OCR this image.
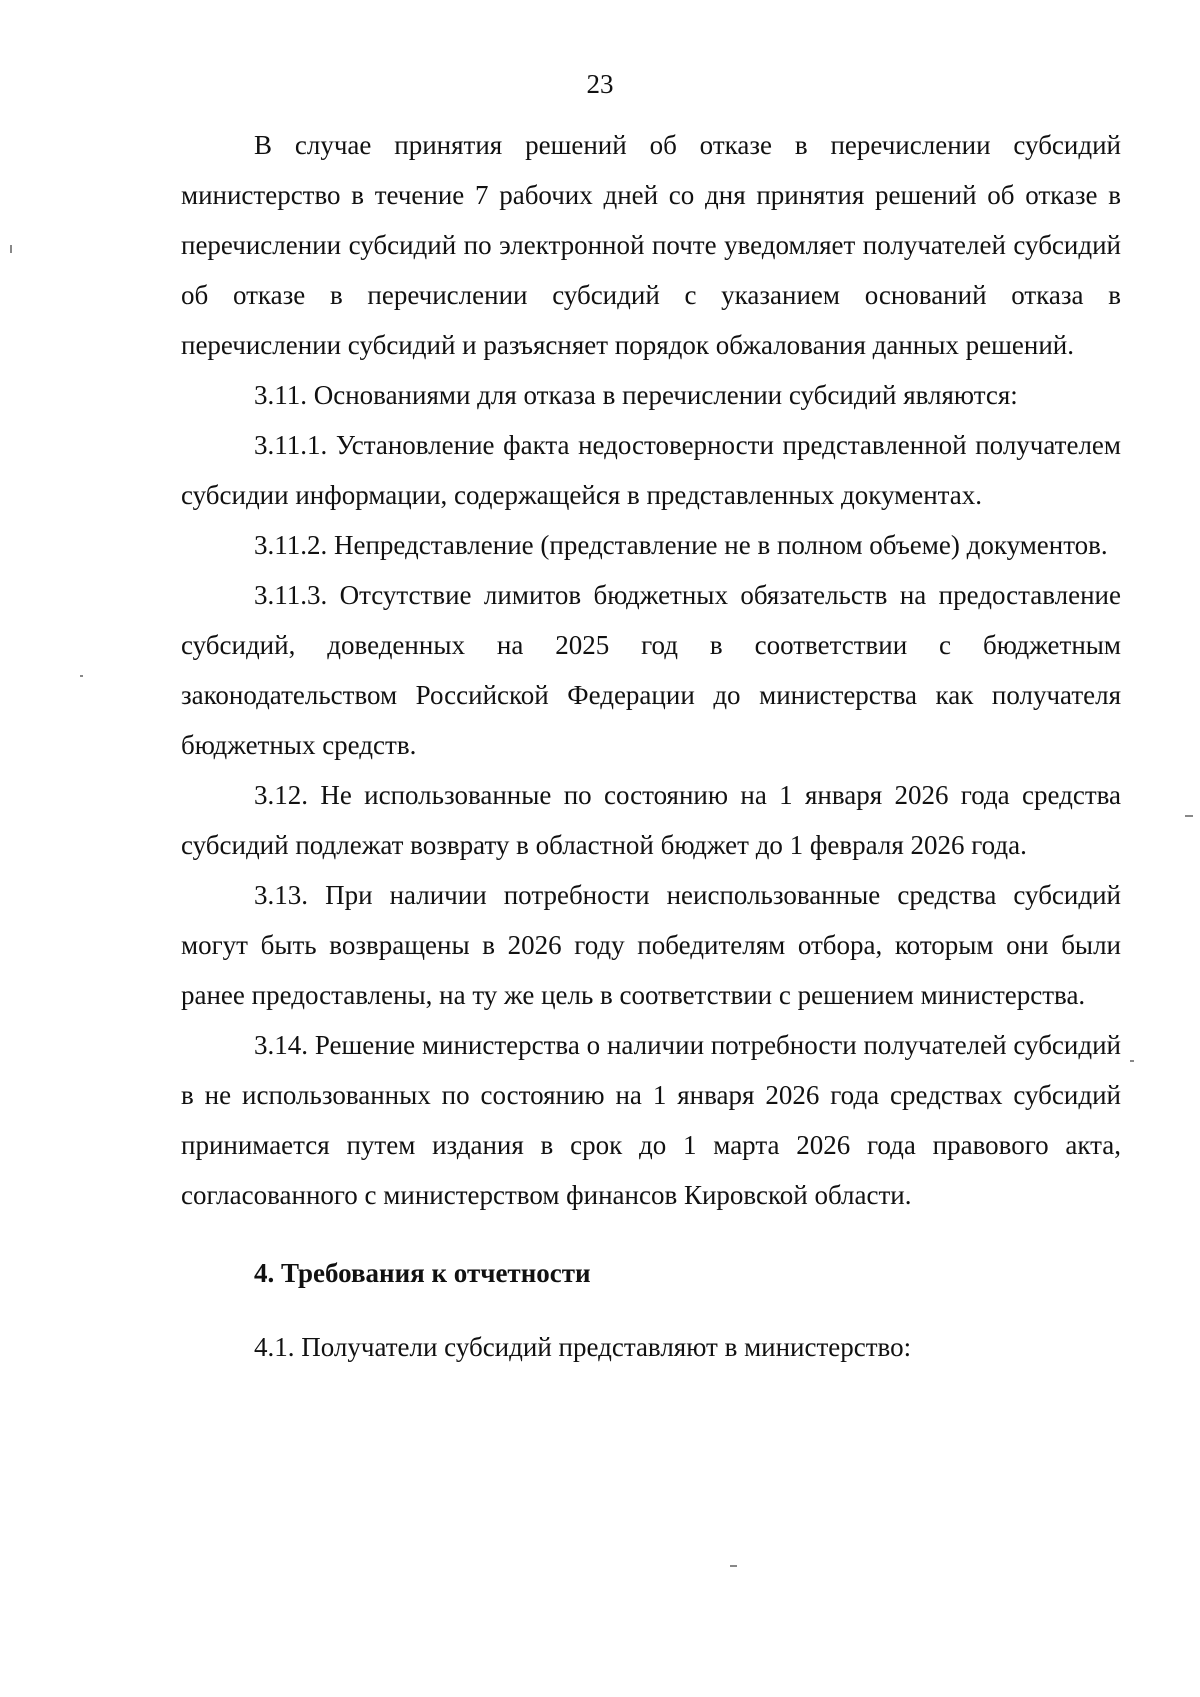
23

В случае принятия решений об отказе в перечислении субсидий министерство в течение 7 рабочих дней со дня принятия решений об отказе в перечислении субсидий по электронной почте уведомляет получателей субсидий об отказе в перечислении субсидий с указанием оснований отказа в перечислении субсидий и разъясняет порядок обжалования данных решений.

3.11. Основаниями для отказа в перечислении субсидий являются:

3.11.1. Установление факта недостоверности представленной получателем субсидии информации, содержащейся в представленных документах.

3.11.2. Непредставление (представление не в полном объеме) документов.

3.11.3. Отсутствие лимитов бюджетных обязательств на предоставление субсидий, доведенных на 2025 год в соответствии с бюджетным законодательством Российской Федерации до министерства как получателя бюджетных средств.

3.12. Не использованные по состоянию на 1 января 2026 года средства субсидий подлежат возврату в областной бюджет до 1 февраля 2026 года.

3.13. При наличии потребности неиспользованные средства субсидий могут быть возвращены в 2026 году победителям отбора, которым они были ранее предоставлены, на ту же цель в соответствии с решением министерства.

3.14. Решение министерства о наличии потребности получателей субсидий в не использованных по состоянию на 1 января 2026 года средствах субсидий принимается путем издания в срок до 1 марта 2026 года правового акта, согласованного с министерством финансов Кировской области.

4. Требования к отчетности

4.1. Получатели субсидий представляют в министерство:
